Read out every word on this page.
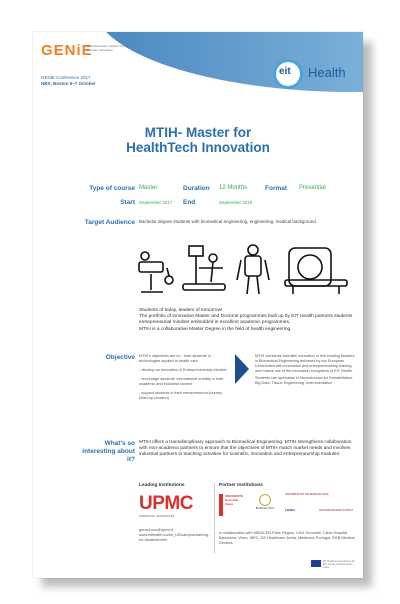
GENiE
Global Education Network for Health Innovation Education
GENiE Conference 2017
HBS, Boston 6–7 October
eit Health
MTIH- Master for
HealthTech Innovation
Type of course Master	Duration	12 Months	Format	Presential
Start September 2017 End	September 2018
Target Audience Bachelor degree students with biomedical engineering, engineering, medical background
Students of today, leaders of tomorrow!
The portfolio of innovative Master and Doctoral programmes built up by EIT Health partners students entrepreneurial mindset embedded in excellent academic programmes.
MTIH is a collaborative Master Degree in the field of health engineering.
Objective MTIH's objectives are to: - train students in technologies applied to health care
- develop an Innovation & Entrepreneurship mindset
- encourage students' international mobility in both academic and industrial context
- support students in their entrepreneurial journey (start-up creation)
MTIH combines scientific education of five existing Masters in Biomedical Engineering delivered by top European Universities with innovation and entrepreneurship training and makes use of the innovation ecosystem of EIT Health.
Students can specialise in Mechatronics for Rehabilitation, Big Data, Tissue Engineering, Instrumentation
What's so interesting about it?
MTIH offers a transdisciplinary approach to Biomedical Engineering. MTIH strengthens collaboration with non-academic partners to ensure that the objectives of MTIH match market needs and involves industrial partners in teaching activities for scientific, innovation and entrepreneurship modules.
Leading Institutions	Partner Institutions
UPMC
SORBONNE UNIVERSITÉS
gerard.sou@upmc.fr
www.eithealth.eu/en_US/campus/training-for-students/mtih
UNIVERSITÉ Grenoble Alpes
BARCELONA
UNIVERSITAT DE BARCELONA
LIGNIA	UNIVERSIDADE PORTO
In collaboration with MEDICEN Paris Région, CHU Grenoble, Clinic Hospital Barcelona, Vives, IBEC, GE Healthcare Iberia, Medtronic Portugal, RGB Medical Devices
EIT Health is supported by the EIT, a body of the European Union
